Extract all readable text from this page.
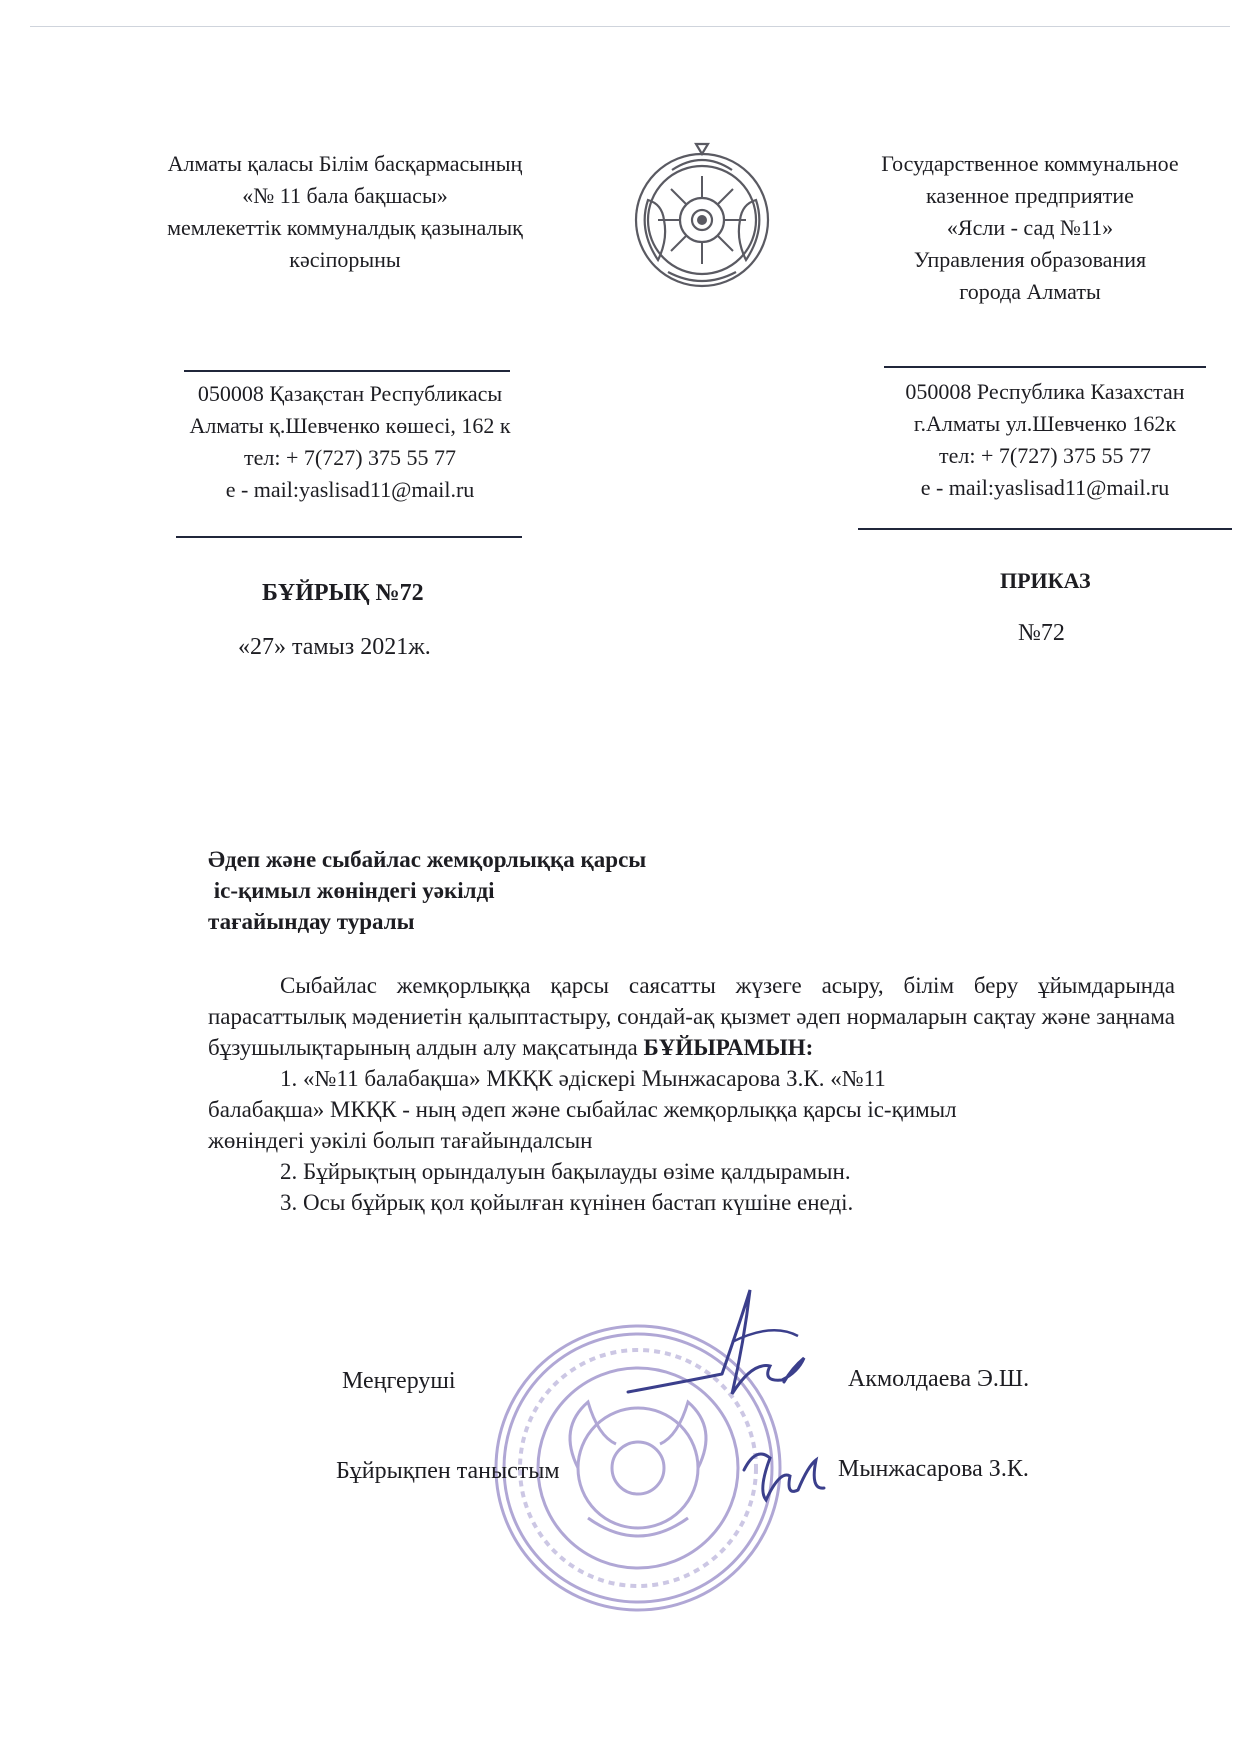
Алматы қаласы Білім басқармасының
«№ 11 бала бақшасы»
мемлекеттік коммуналдық қазыналық
кәсіпорыны
Государственное коммунальное
казенное предприятие
«Ясли - сад №11»
Управления образования
города Алматы
050008 Қазақстан Республикасы
Алматы қ.Шевченко көшесі, 162 к
тел: + 7(727) 375 55 77
e - mail:yaslisad11@mail.ru
050008 Республика Казахстан
г.Алматы ул.Шевченко 162к
тел: + 7(727) 375 55 77
e - mail:yaslisad11@mail.ru
БҰЙРЫҚ №72
«27» тамыз 2021ж.
ПРИКАЗ
№72
Әдеп және сыбайлас жемқорлыққа қарсы
іс-қимыл жөніндегі уәкілді
тағайындау туралы

Сыбайлас жемқорлыққа қарсы саясатты жүзеге асыру, білім беру ұйымдарында парасаттылық мәдениетін қалыптастыру, сондай-ақ қызмет әдеп нормаларын сақтау және заңнама бұзушылықтарының алдын алу мақсатында БҰЙЫРАМЫН:

1. «№11 балабақша» МКҚК әдіскері Мынжасарова З.К. «№11
балабақша» МКҚК - ның әдеп және сыбайлас жемқорлыққа қарсы іс-қимыл
жөніндегі уәкілі болып тағайындалсын
2. Бұйрықтың орындалуын бақылауды өзіме қалдырамын.
3. Осы бұйрық қол қойылған күнінен бастап күшіне енеді.
Меңгеруші	Акмолдаева Э.Ш.
Бұйрықпен таныстым	Мынжасарова З.К.
